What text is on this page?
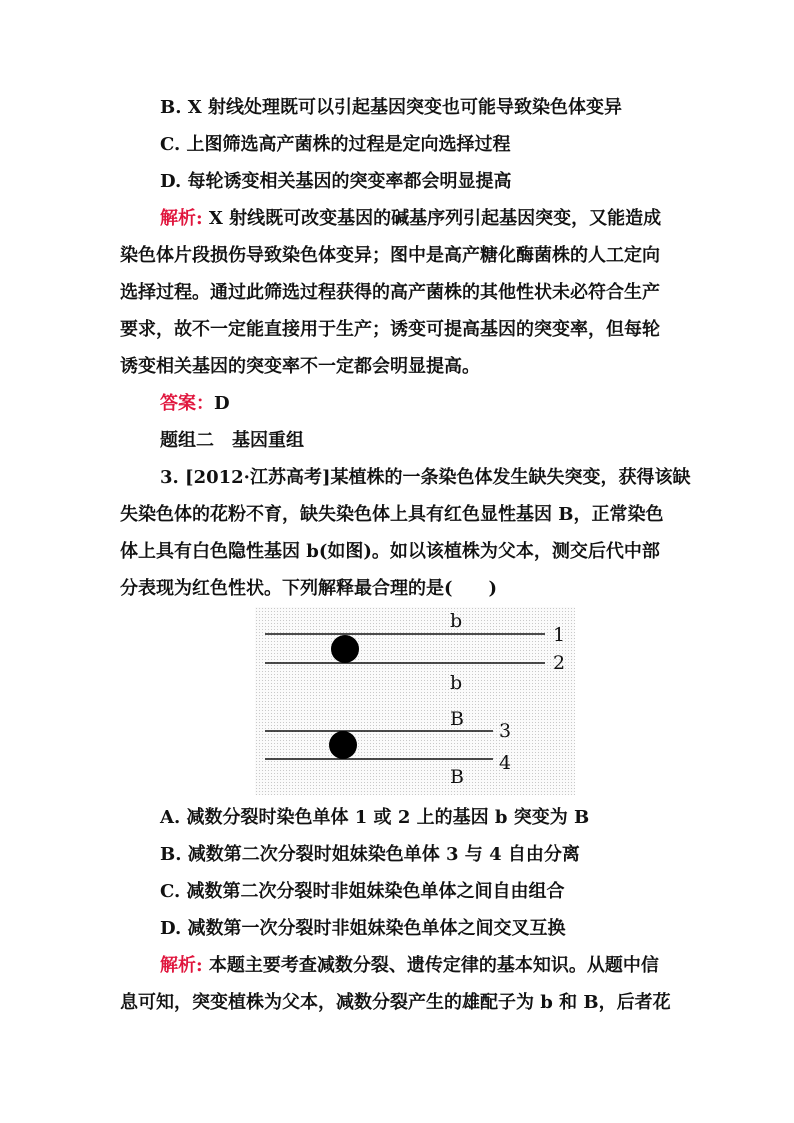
B. X 射线处理既可以引起基因突变也可能导致染色体变异
C. 上图筛选高产菌株的过程是定向选择过程
D. 每轮诱变相关基因的突变率都会明显提高
解析: X 射线既可改变基因的碱基序列引起基因突变，又能造成
染色体片段损伤导致染色体变异；图中是高产糖化酶菌株的人工定向
选择过程。通过此筛选过程获得的高产菌株的其他性状未必符合生产
要求，故不一定能直接用于生产；诱变可提高基因的突变率，但每轮
诱变相关基因的突变率不一定都会明显提高。
答案：D
题组二　基因重组
3. [2012·江苏高考]某植株的一条染色体发生缺失突变，获得该缺
失染色体的花粉不育，缺失染色体上具有红色显性基因 B，正常染色
体上具有白色隐性基因 b(如图)。如以该植株为父本，测交后代中部
分表现为红色性状。下列解释最合理的是(　　)
b
b
1
2
B
B
3
4
A. 减数分裂时染色单体 1 或 2 上的基因 b 突变为 B
B. 减数第二次分裂时姐妹染色单体 3 与 4 自由分离
C. 减数第二次分裂时非姐妹染色单体之间自由组合
D. 减数第一次分裂时非姐妹染色单体之间交叉互换
解析: 本题主要考查减数分裂、遗传定律的基本知识。从题中信
息可知，突变植株为父本，减数分裂产生的雄配子为 b 和 B，后者花
